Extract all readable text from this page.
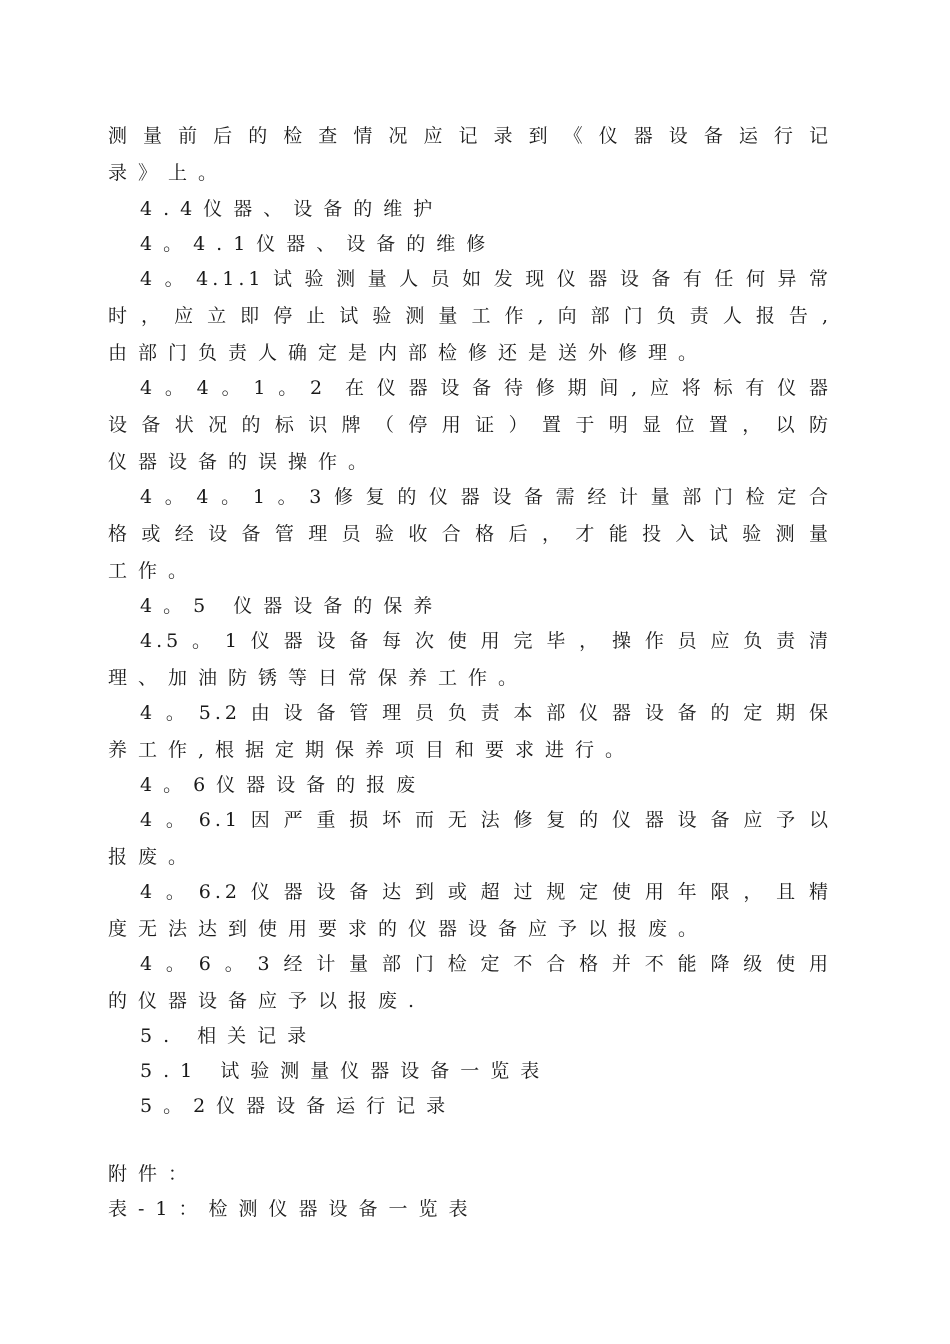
测量前后的检查情况应记录到《仪器设备运行记
录》上。
4.4仪器、设备的维护
4。4.1仪器、设备的维修
4。4.1.1试验测量人员如发现仪器设备有任何异常
时，应立即停止试验测量工作,向部门负责人报告,
由部门负责人确定是内部检修还是送外修理。
4。4。1。2 在仪器设备待修期间,应将标有仪器
设备状况的标识牌（停用证）置于明显位置，以防
仪器设备的误操作。
4。4。1。3修复的仪器设备需经计量部门检定合
格或经设备管理员验收合格后，才能投入试验测量
工作。
4。5 仪器设备的保养
4.5。1仪器设备每次使用完毕，操作员应负责清
理、加油防锈等日常保养工作。
4。5.2由设备管理员负责本部仪器设备的定期保
养工作,根据定期保养项目和要求进行。
4。6仪器设备的报废
4。6.1因严重损坏而无法修复的仪器设备应予以
报废。
4。6.2仪器设备达到或超过规定使用年限，且精
度无法达到使用要求的仪器设备应予以报废。
4。6。3经计量部门检定不合格并不能降级使用
的仪器设备应予以报废.
5. 相关记录
5.1 试验测量仪器设备一览表
5。2仪器设备运行记录
附件：
表-1：检测仪器设备一览表
